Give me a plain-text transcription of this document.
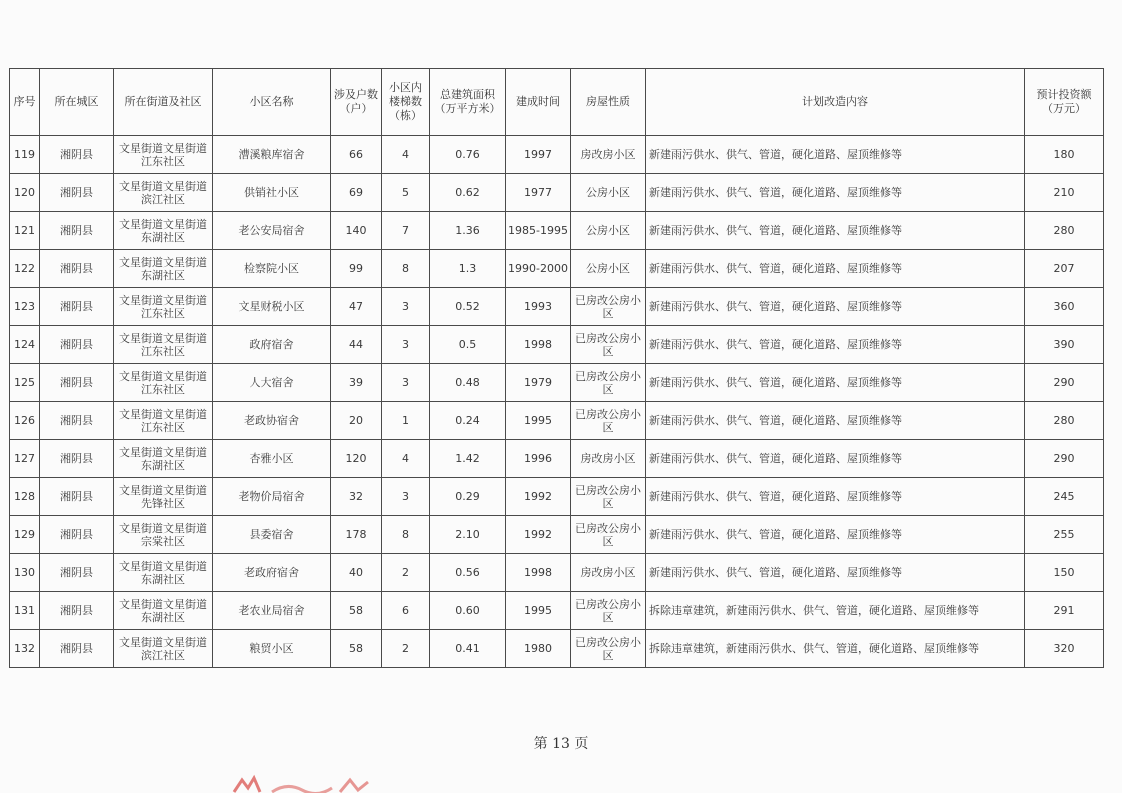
序号	所在城区	所在街道及社区	小区名称	涉及户数（户）	小区内楼梯数（栋）	总建筑面积（万平方米）	建成时间	房屋性质	计划改造内容	预计投资额（万元）
119	湘阴县	文星街道文星街道江东社区	漕溪粮库宿舍	66	4	0.76	1997	房改房小区	新建雨污供水、供气、管道，硬化道路、屋顶维修等	180
120	湘阴县	文星街道文星街道滨江社区	供销社小区	69	5	0.62	1977	公房小区	新建雨污供水、供气、管道，硬化道路、屋顶维修等	210
121	湘阴县	文星街道文星街道东湖社区	老公安局宿舍	140	7	1.36	1985-1995	公房小区	新建雨污供水、供气、管道，硬化道路、屋顶维修等	280
122	湘阴县	文星街道文星街道东湖社区	检察院小区	99	8	1.3	1990-2000	公房小区	新建雨污供水、供气、管道，硬化道路、屋顶维修等	207
123	湘阴县	文星街道文星街道江东社区	文星财税小区	47	3	0.52	1993	已房改公房小区	新建雨污供水、供气、管道，硬化道路、屋顶维修等	360
124	湘阴县	文星街道文星街道江东社区	政府宿舍	44	3	0.5	1998	已房改公房小区	新建雨污供水、供气、管道，硬化道路、屋顶维修等	390
125	湘阴县	文星街道文星街道江东社区	人大宿舍	39	3	0.48	1979	已房改公房小区	新建雨污供水、供气、管道，硬化道路、屋顶维修等	290
126	湘阴县	文星街道文星街道江东社区	老政协宿舍	20	1	0.24	1995	已房改公房小区	新建雨污供水、供气、管道，硬化道路、屋顶维修等	280
127	湘阴县	文星街道文星街道东湖社区	杏雅小区	120	4	1.42	1996	房改房小区	新建雨污供水、供气、管道，硬化道路、屋顶维修等	290
128	湘阴县	文星街道文星街道先锋社区	老物价局宿舍	32	3	0.29	1992	已房改公房小区	新建雨污供水、供气、管道，硬化道路、屋顶维修等	245
129	湘阴县	文星街道文星街道宗棠社区	县委宿舍	178	8	2.10	1992	已房改公房小区	新建雨污供水、供气、管道，硬化道路、屋顶维修等	255
130	湘阴县	文星街道文星街道东湖社区	老政府宿舍	40	2	0.56	1998	房改房小区	新建雨污供水、供气、管道，硬化道路、屋顶维修等	150
131	湘阴县	文星街道文星街道东湖社区	老农业局宿舍	58	6	0.60	1995	已房改公房小区	拆除违章建筑，新建雨污供水、供气、管道，硬化道路、屋顶维修等	291
132	湘阴县	文星街道文星街道滨江社区	粮贸小区	58	2	0.41	1980	已房改公房小区	拆除违章建筑，新建雨污供水、供气、管道，硬化道路、屋顶维修等	320
第 13 页
